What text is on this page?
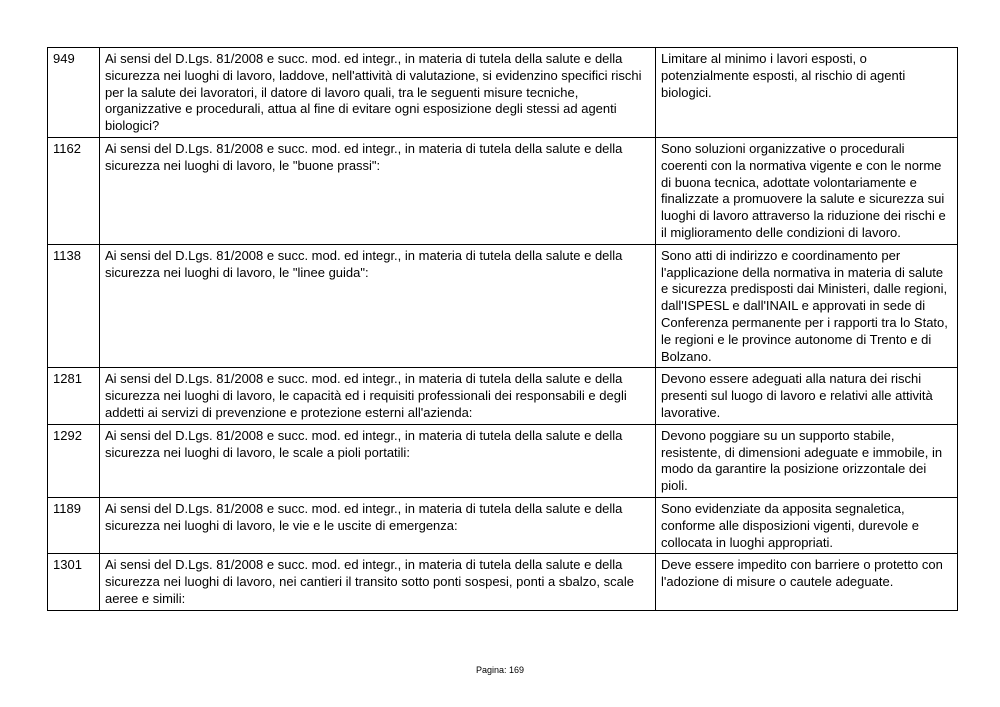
949	Ai sensi del D.Lgs. 81/2008 e succ. mod. ed integr., in materia di tutela della salute e della sicurezza nei luoghi di lavoro, laddove, nell'attività di valutazione, si evidenzino specifici rischi per la salute dei lavoratori, il datore di lavoro quali, tra le seguenti misure tecniche, organizzative e procedurali, attua al fine di evitare ogni esposizione degli stessi ad agenti biologici?	Limitare al minimo i lavori esposti, o potenzialmente esposti, al rischio di agenti biologici.
1162	Ai sensi del D.Lgs. 81/2008 e succ. mod. ed integr., in materia di tutela della salute e della sicurezza nei luoghi di lavoro, le "buone prassi":	Sono soluzioni organizzative o procedurali coerenti con la normativa vigente e con le norme di buona tecnica, adottate volontariamente e finalizzate a promuovere la salute e sicurezza sui luoghi di lavoro attraverso la riduzione dei rischi e il miglioramento delle condizioni di lavoro.
1138	Ai sensi del D.Lgs. 81/2008 e succ. mod. ed integr., in materia di tutela della salute e della sicurezza nei luoghi di lavoro, le "linee guida":	Sono atti di indirizzo e coordinamento per l'applicazione della normativa in materia di salute e sicurezza predisposti dai Ministeri, dalle regioni, dall'ISPESL e dall'INAIL e approvati in sede di Conferenza permanente per i rapporti tra lo Stato, le regioni e le province autonome di Trento e di Bolzano.
1281	Ai sensi del D.Lgs. 81/2008 e succ. mod. ed integr., in materia di tutela della salute e della sicurezza nei luoghi di lavoro, le capacità ed i requisiti professionali dei responsabili e degli addetti ai servizi di prevenzione e protezione esterni all'azienda:	Devono essere adeguati alla natura dei rischi presenti sul luogo di lavoro e relativi alle attività lavorative.
1292	Ai sensi del D.Lgs. 81/2008 e succ. mod. ed integr., in materia di tutela della salute e della sicurezza nei luoghi di lavoro, le scale a pioli portatili:	Devono poggiare su un supporto stabile, resistente, di dimensioni adeguate e immobile, in modo da garantire la posizione orizzontale dei pioli.
1189	Ai sensi del D.Lgs. 81/2008 e succ. mod. ed integr., in materia di tutela della salute e della sicurezza nei luoghi di lavoro, le vie e le uscite di emergenza:	Sono evidenziate da apposita segnaletica, conforme alle disposizioni vigenti, durevole e collocata in luoghi appropriati.
1301	Ai sensi del D.Lgs. 81/2008 e succ. mod. ed integr., in materia di tutela della salute e della sicurezza nei luoghi di lavoro, nei cantieri il transito sotto ponti sospesi, ponti a sbalzo, scale aeree e simili:	Deve essere impedito con barriere o protetto con l'adozione di misure o cautele adeguate.
Pagina: 169
